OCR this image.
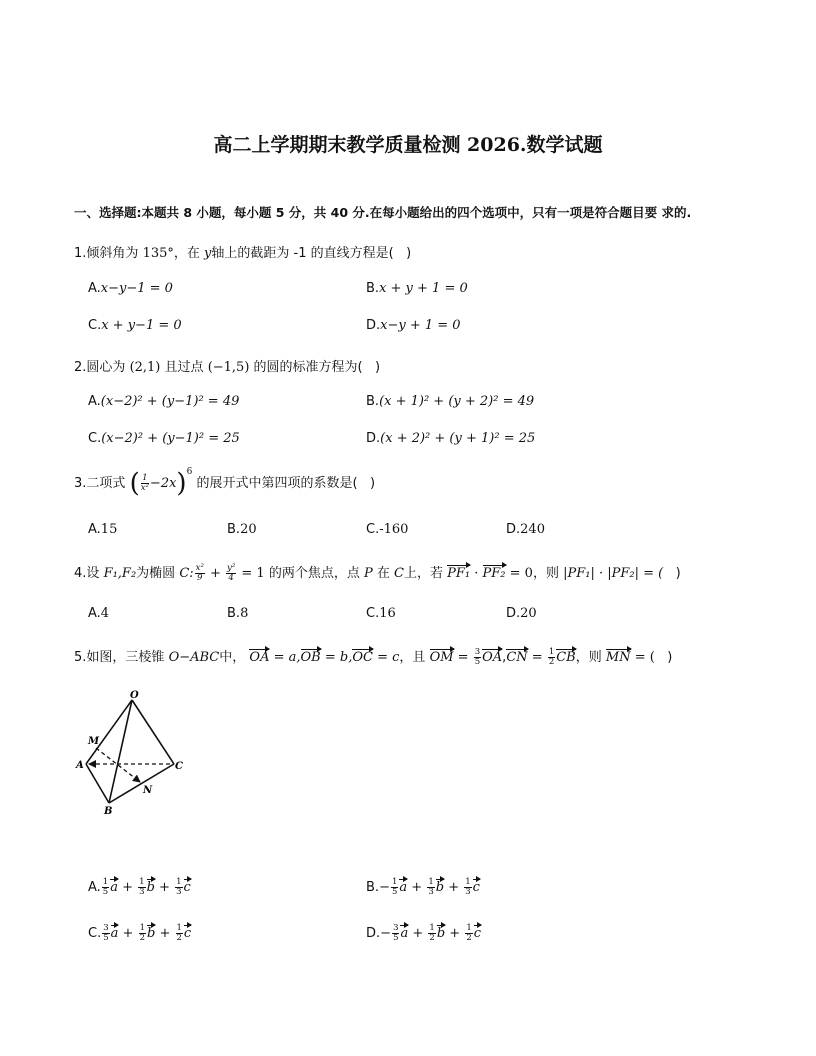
高二上学期期末教学质量检测 2026.数学试题
一、选择题:本题共 8 小题，每小题 5 分，共 40 分.在每小题给出的四个选项中，只有一项是符合题目要 求的.
1.倾斜角为 135°，在 y轴上的截距为 -1 的直线方程是( )
A.x−y−1 = 0	B.x + y + 1 = 0
C.x + y−1 = 0	D.x−y + 1 = 0
2.圆心为 (2,1) 且过点 (−1,5) 的圆的标准方程为( )
A.(x−2)² + (y−1)² = 49	B.(x + 1)² + (y + 2)² = 49
C.(x−2)² + (y−1)² = 25	D.(x + 2)² + (y + 1)² = 25
3.二项式 ( $\frac{1}{\text{x²}} -2x)^6$ 的展开式中第四项的系数是( )
A.15	B.20	C.-160	D.240
4.设 F₁,F₂为椭圆 C: $\frac{\text{x²}}{9} + \frac{\text{y²}}{4} = 1$ 的两个焦点，点 P 在 C上，若 PF₁ · PF₂ = 0，则 |PF₁| · |PF₂| = ( )
A.4	B.8	C.16	D.20
5.如图，三棱锥 O−ABC中， OA = a,OB = b,OC = c，且 OM = $\frac{3}{5} OA,CN = \frac{1}{2}$ CB，则 MN = ( )
O
M
A	C
N
B
A. $\frac{1}{5}$ $a + \frac{1}{3}$ $b + \frac{1}{3}$ c	$B.- \frac{1}{5}$ $a + \frac{1}{3}$ $b + \frac{1}{3}$ c
C. $\frac{3}{5}$ $a + \frac{1}{2}$ $b + \frac{1}{2}$ c	$D.- \frac{3}{5}$ $a + \frac{1}{2}$ $b + \frac{1}{2}$ c
